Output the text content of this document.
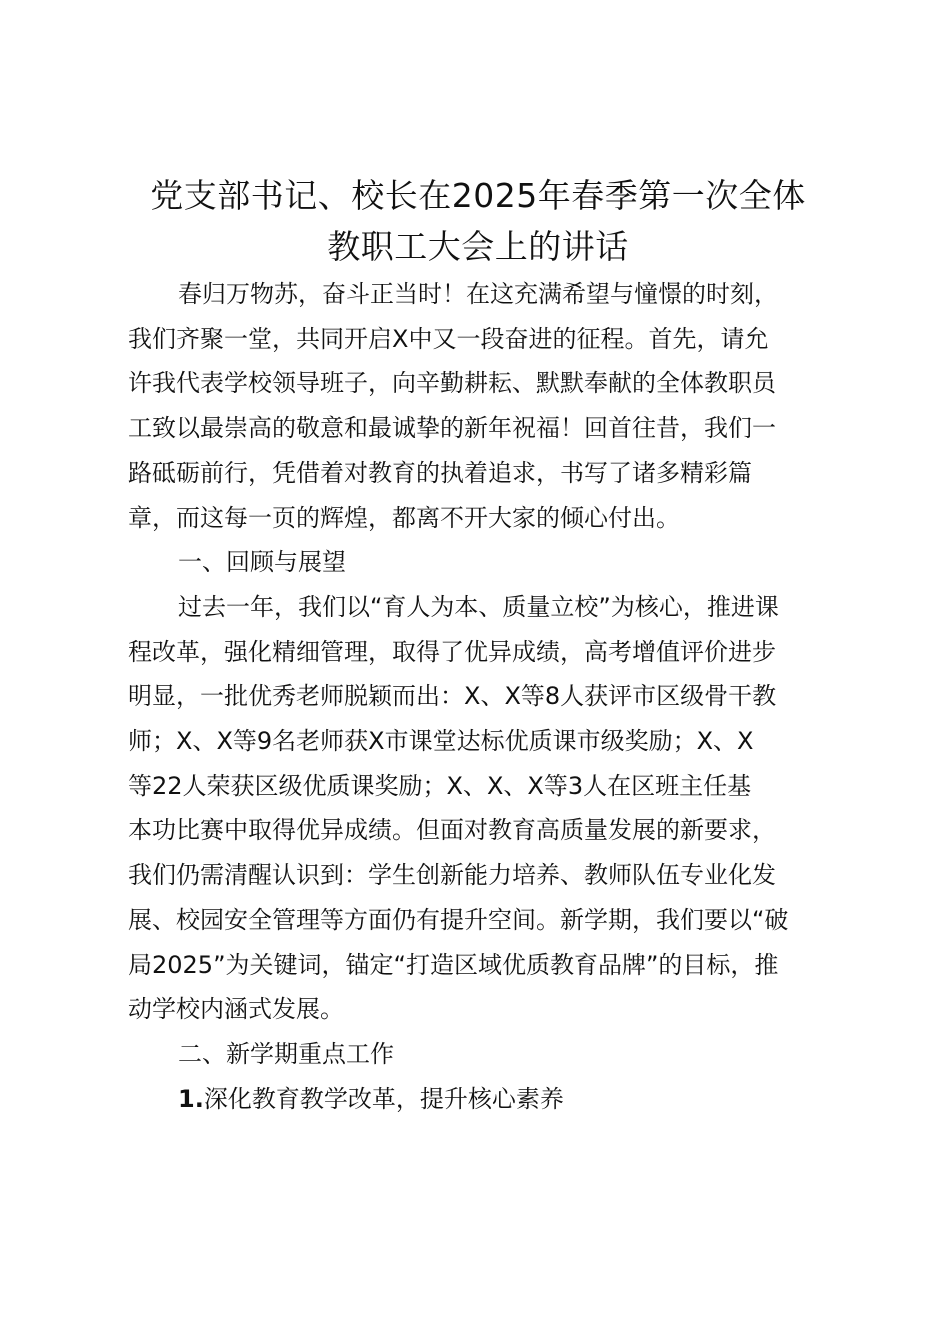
党支部书记、校长在2025年春季第一次全体
教职工大会上的讲话

春归万物苏，奋斗正当时！在这充满希望与憧憬的时刻，
我们齐聚一堂，共同开启X中又一段奋进的征程。首先，请允
许我代表学校领导班子，向辛勤耕耘、默默奉献的全体教职员
工致以最崇高的敬意和最诚挚的新年祝福！回首往昔，我们一
路砥砺前行，凭借着对教育的执着追求，书写了诸多精彩篇
章，而这每一页的辉煌，都离不开大家的倾心付出。

一、回顾与展望

过去一年，我们以“育人为本、质量立校”为核心，推进课
程改革，强化精细管理，取得了优异成绩，高考增值评价进步
明显，一批优秀老师脱颖而出：X、X等8人获评市区级骨干教
师；X、X等9名老师获X市课堂达标优质课市级奖励；X、X
等22人荣获区级优质课奖励；X、X、X等3人在区班主任基
本功比赛中取得优异成绩。但面对教育高质量发展的新要求，
我们仍需清醒认识到：学生创新能力培养、教师队伍专业化发
展、校园安全管理等方面仍有提升空间。新学期，我们要以“破
局2025”为关键词，锚定“打造区域优质教育品牌”的目标，推
动学校内涵式发展。

二、新学期重点工作

1.深化教育教学改革，提升核心素养
